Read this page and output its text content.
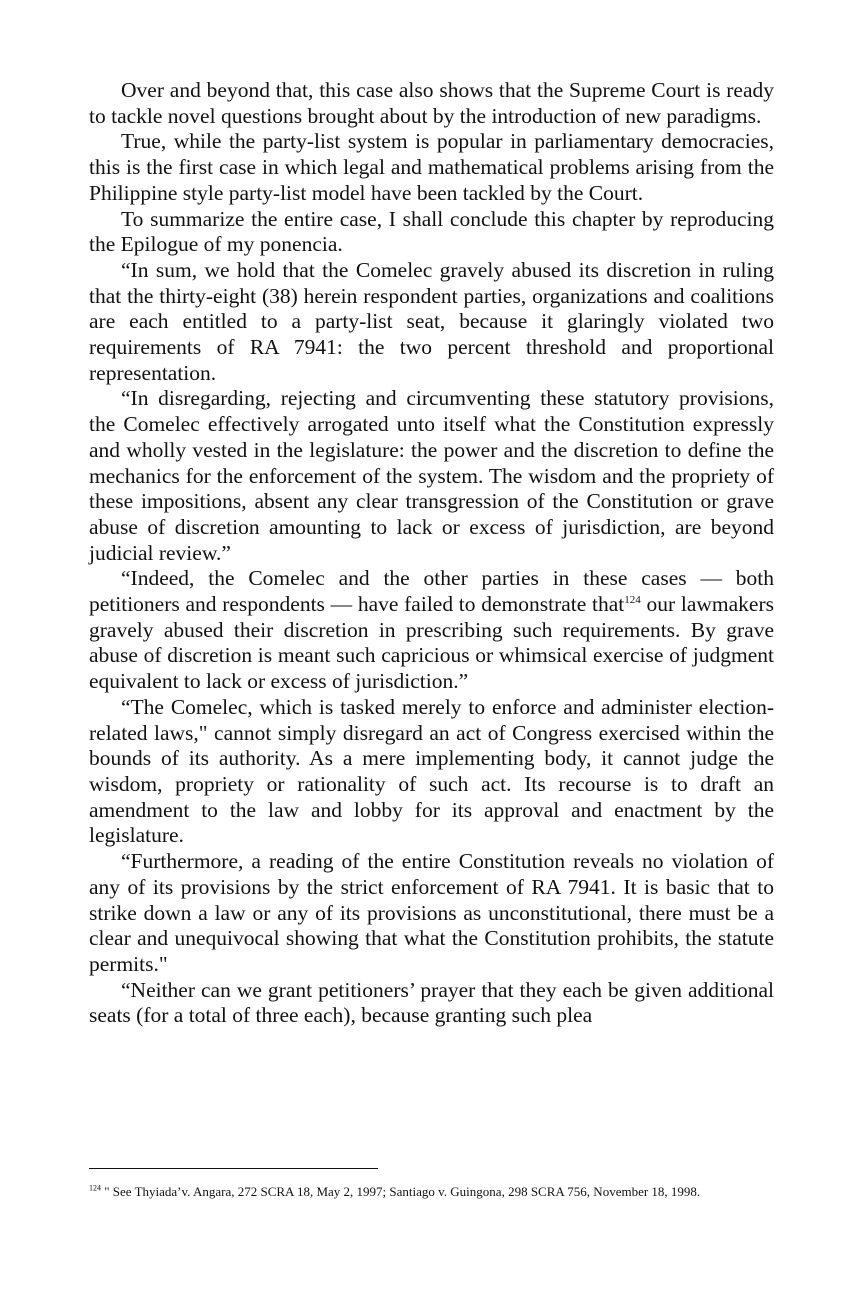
Over and beyond that, this case also shows that the Supreme Court is ready to tackle novel questions brought about by the introduction of new paradigms.

True, while the party-list system is popular in parliamentary democracies, this is the first case in which legal and mathematical problems arising from the Philippine style party-list model have been tackled by the Court.

To summarize the entire case, I shall conclude this chapter by reproducing the Epilogue of my ponencia.

“In sum, we hold that the Comelec gravely abused its discretion in ruling that the thirty-eight (38) herein respondent parties, organizations and coalitions are each entitled to a party-list seat, because it glaringly violated two requirements of RA 7941: the two percent threshold and proportional representation.

“In disregarding, rejecting and circumventing these statutory provisions, the Comelec effectively arrogated unto itself what the Constitution expressly and wholly vested in the legislature: the power and the discretion to define the mechanics for the enforcement of the system. The wisdom and the propriety of these impositions, absent any clear transgression of the Constitution or grave abuse of discretion amounting to lack or excess of jurisdiction, are beyond judicial review.”

“Indeed, the Comelec and the other parties in these cases — both petitioners and respondents — have failed to demonstrate that$^{124}$ our lawmakers gravely abused their discretion in prescribing such requirements. By grave abuse of discretion is meant such capricious or whimsical exercise of judgment equivalent to lack or excess of jurisdiction.”

“The Comelec, which is tasked merely to enforce and administer election-related laws," cannot simply disregard an act of Congress exercised within the bounds of its authority. As a mere implementing body, it cannot judge the wisdom, propriety or rationality of such act. Its recourse is to draft an amendment to the law and lobby for its approval and enactment by the legislature.

“Furthermore, a reading of the entire Constitution reveals no violation of any of its provisions by the strict enforcement of RA 7941. It is basic that to strike down a law or any of its provisions as unconstitutional, there must be a clear and unequivocal showing that what the Constitution prohibits, the statute permits."

“Neither can we grant petitioners’ prayer that they each be given additional seats (for a total of three each), because granting such plea

$^{124}$ " See Thyiada’v. Angara, 272 SCRA 18, May 2, 1997; Santiago v. Guingona, 298 SCRA 756, November 18, 1998.
